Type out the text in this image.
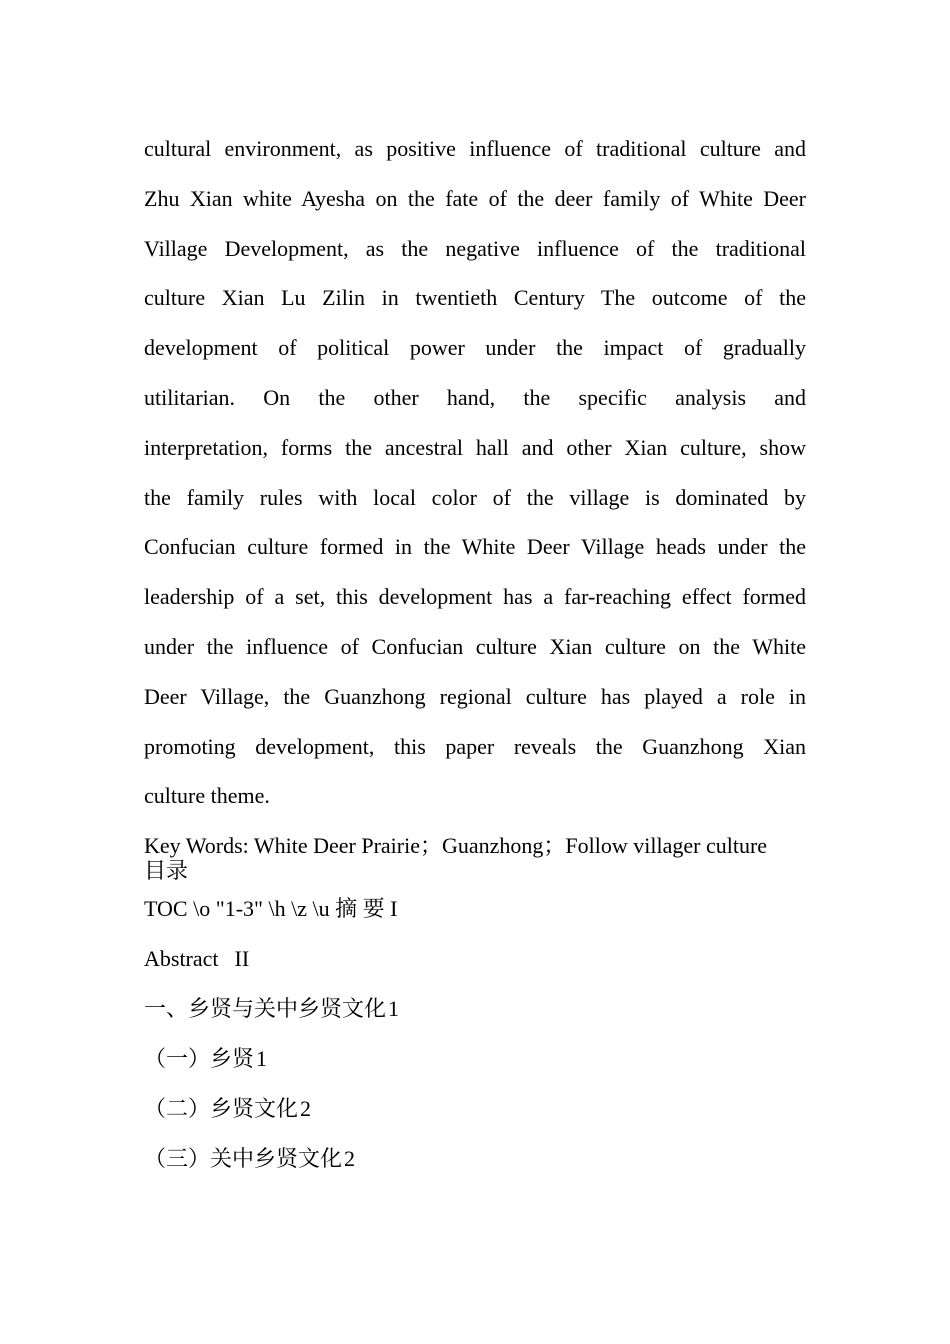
cultural environment, as positive influence of traditional culture and
Zhu Xian white Ayesha on the fate of the deer family of White Deer
Village Development, as the negative influence of the traditional
culture Xian Lu Zilin in twentieth Century The outcome of the
development of political power under the impact of gradually
utilitarian. On the other hand, the specific analysis and
interpretation, forms the ancestral hall and other Xian culture, show
the family rules with local color of the village is dominated by
Confucian culture formed in the White Deer Village heads under the
leadership of a set, this development has a far-reaching effect formed
under the influence of Confucian culture Xian culture on the White
Deer Village, the Guanzhong regional culture has played a role in
promoting development, this paper reveals the Guanzhong Xian
culture theme.

Key Words: White Deer Prairie；Guanzhong；Follow villager culture

目录

TOC \o "1-3" \h \z \u 摘 要 I

Abstract II

一、乡贤与关中乡贤文化1

（一）乡贤1

（二）乡贤文化2

（三）关中乡贤文化2
